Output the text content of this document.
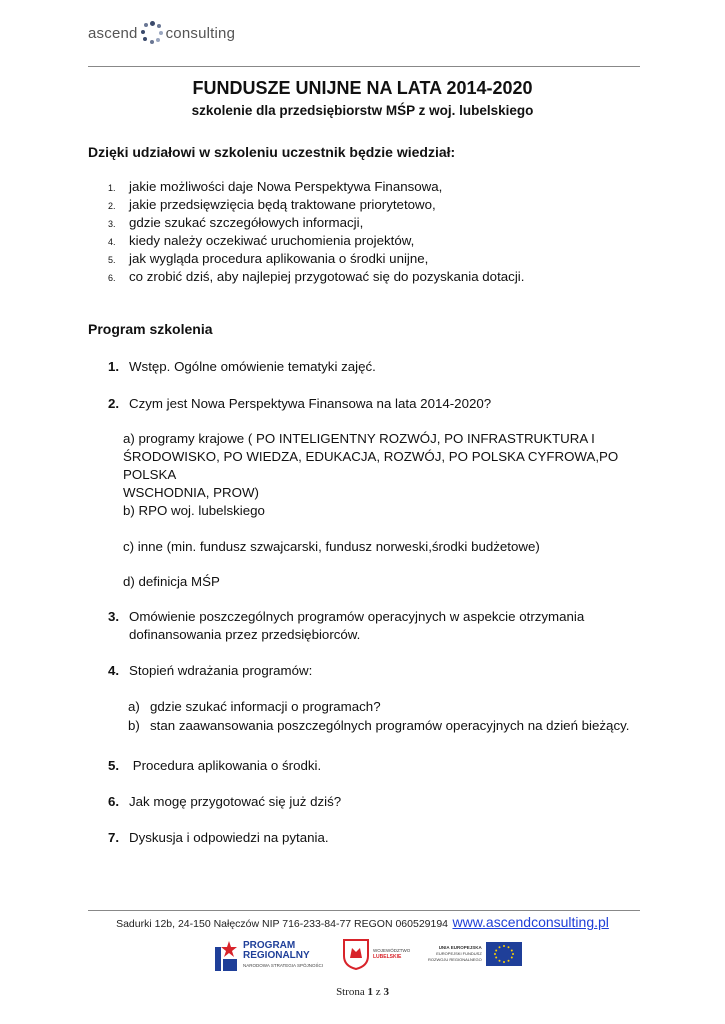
ascend consulting
FUNDUSZE UNIJNE NA LATA 2014-2020
szkolenie dla przedsiębiorstw MŚP z woj. lubelskiego
Dzięki udziałowi w szkoleniu uczestnik będzie wiedział:
1. jakie możliwości daje Nowa Perspektywa Finansowa,
2. jakie przedsięwzięcia będą traktowane priorytetowo,
3. gdzie szukać szczegółowych informacji,
4. kiedy należy oczekiwać uruchomienia projektów,
5. jak wygląda procedura aplikowania o środki unijne,
6. co zrobić dziś, aby najlepiej przygotować się do pozyskania dotacji.
Program szkolenia
1. Wstęp. Ogólne omówienie tematyki zajęć.
2. Czym jest Nowa Perspektywa Finansowa na lata 2014-2020?
a) programy krajowe ( PO INTELIGENTNY ROZWÓJ, PO INFRASTRUKTURA I
ŚRODOWISKO, PO WIEDZA, EDUKACJA, ROZWÓJ, PO POLSKA CYFROWA,PO POLSKA
WSCHODNIA, PROW)
b) RPO woj. lubelskiego
c) inne (min. fundusz szwajcarski, fundusz norweski,środki budżetowe)
d) definicja MŚP
3. Omówienie poszczególnych programów operacyjnych w aspekcie otrzymania
dofinansowania przez przedsiębiorców.
4. Stopień wdrażania programów:
a) gdzie szukać informacji o programach?
b) stan zaawansowania poszczególnych programów operacyjnych na dzień bieżący.
5. Procedura aplikowania o środki.
6. Jak mogę przygotować się już dziś?
7. Dyskusja i odpowiedzi na pytania.
Sadurki 12b, 24-150 Nałęczów NIP 716-233-84-77 REGON 060529194 www.ascendconsulting.pl
PROGRAM
REGIONALNY
NARODOWA STRATEGIA SPÓJNOŚCI
WOJEWÓDZTWO
LUBELSKIE
UNIA EUROPEJSKA
EUROPEJSKI FUNDUSZ
ROZWOJU REGIONALNEGO
Strona 1 z 3
